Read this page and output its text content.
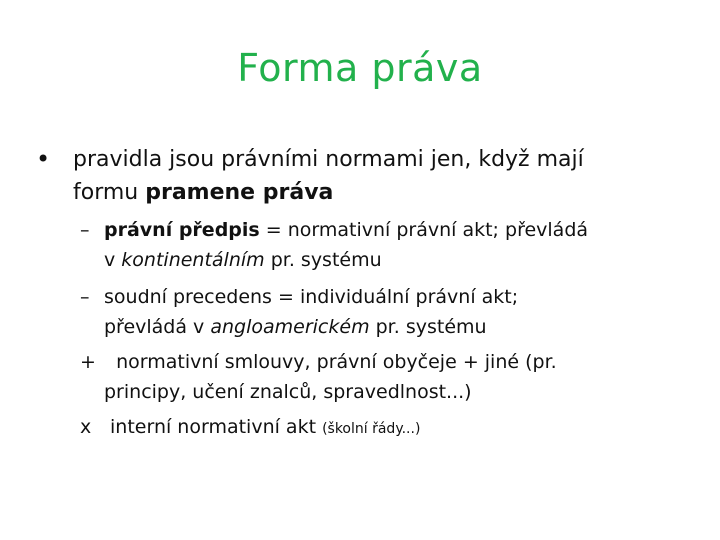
Forma práva
• pravidla jsou právními normami jen, když mají
formu pramene práva
– právní předpis = normativní právní akt; převládá
v kontinentálním pr. systému
– soudní precedens = individuální právní akt;
převládá v angloamerickém pr. systému
+ normativní smlouvy, právní obyčeje + jiné (pr.
principy, učení znalců, spravedlnost...)
x interní normativní akt (školní řády...)
